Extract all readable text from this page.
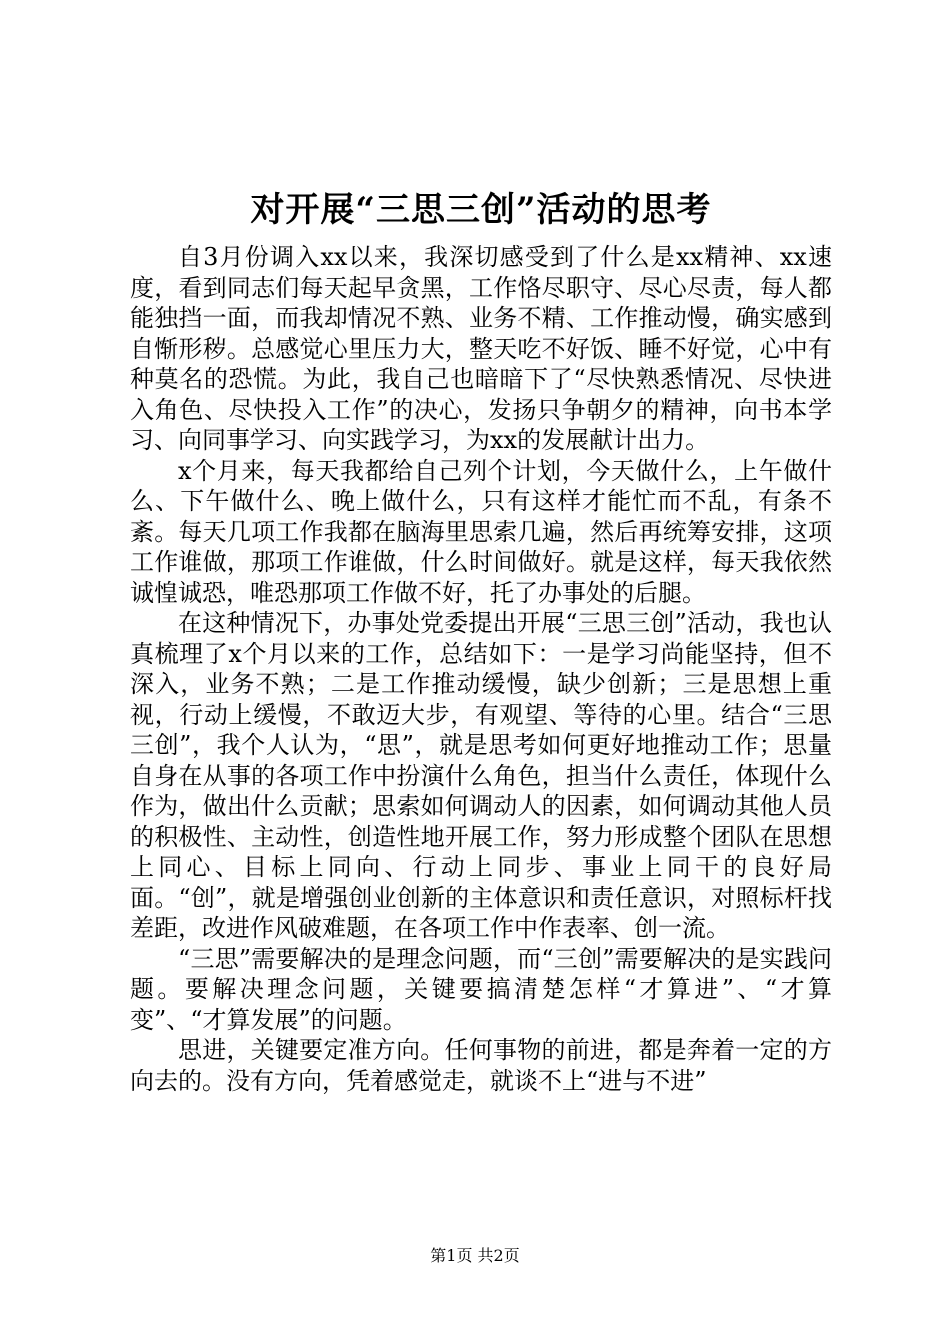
对开展“三思三创”活动的思考

自3月份调入xx以来，我深切感受到了什么是xx精神、xx速度，看到同志们每天起早贪黑，工作恪尽职守、尽心尽责，每人都能独挡一面，而我却情况不熟、业务不精、工作推动慢，确实感到自惭形秽。总感觉心里压力大，整天吃不好饭、睡不好觉，心中有种莫名的恐慌。为此，我自己也暗暗下了“尽快熟悉情况、尽快进入角色、尽快投入工作”的决心，发扬只争朝夕的精神，向书本学习、向同事学习、向实践学习，为xx的发展献计出力。

x个月来，每天我都给自己列个计划，今天做什么，上午做什么、下午做什么、晚上做什么，只有这样才能忙而不乱，有条不紊。每天几项工作我都在脑海里思索几遍，然后再统筹安排，这项工作谁做，那项工作谁做，什么时间做好。就是这样，每天我依然诚惶诚恐，唯恐那项工作做不好，托了办事处的后腿。

在这种情况下，办事处党委提出开展“三思三创”活动，我也认真梳理了x个月以来的工作，总结如下：一是学习尚能坚持，但不深入，业务不熟；二是工作推动缓慢，缺少创新；三是思想上重视，行动上缓慢，不敢迈大步，有观望、等待的心里。结合“三思三创”，我个人认为，“思”，就是思考如何更好地推动工作；思量自身在从事的各项工作中扮演什么角色，担当什么责任，体现什么作为，做出什么贡献；思索如何调动人的因素，如何调动其他人员的积极性、主动性，创造性地开展工作，努力形成整个团队在思想上同心、目标上同向、行动上同步、事业上同干的良好局面。“创”，就是增强创业创新的主体意识和责任意识，对照标杆找差距，改进作风破难题，在各项工作中作表率、创一流。

“三思”需要解决的是理念问题，而“三创”需要解决的是实践问题。要解决理念问题，关键要搞清楚怎样“才算进”、“才算变”、“才算发展”的问题。

思进，关键要定准方向。任何事物的前进，都是奔着一定的方向去的。没有方向，凭着感觉走，就谈不上“进与不进”

第1页 共2页
